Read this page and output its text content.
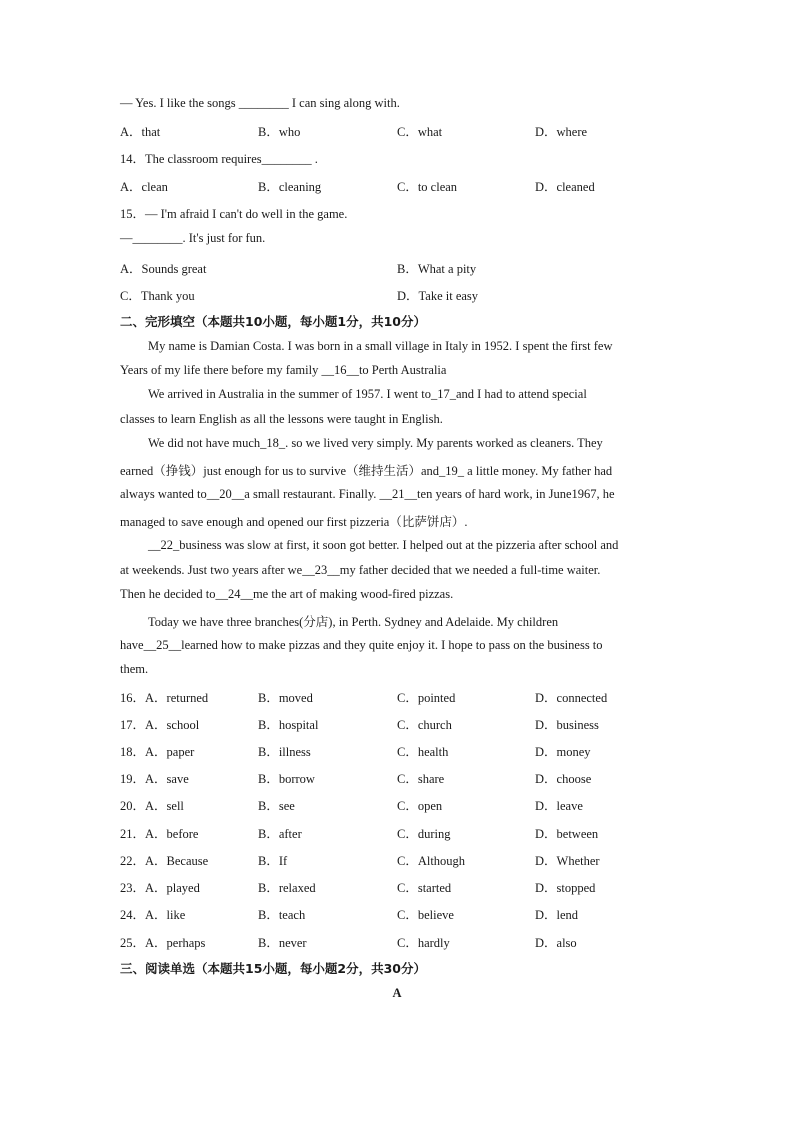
— Yes. I like the songs ________ I can sing along with.
A．that	B．who	C．what	D．where
14．The classroom requires________ .
A．clean	B．cleaning	C．to clean	D．cleaned
15．— I'm afraid I can't do well in the game.
—________. It's just for fun.
A．Sounds great	B．What a pity
C．Thank you	D．Take it easy
二、完形填空（本题共10小题，每小题1分，共10分）
My name is Damian Costa. I was born in a small village in Italy in 1952. I spent the first few
Years of my life there before my family __16__to Perth Australia
We arrived in Australia in the summer of 1957. I went to_17_and I had to attend special
classes to learn English as all the lessons were taught in English.
We did not have much_18_. so we lived very simply. My parents worked as cleaners. They
earned（挣钱）just enough for us to survive（维持生活）and_19_ a little money. My father had
always wanted to__20__a small restaurant. Finally. __21__ten years of hard work, in June1967, he
managed to save enough and opened our first pizzeria（比萨饼店）.
__22_business was slow at first, it soon got better. I helped out at the pizzeria after school and
at weekends. Just two years after we__23__my father decided that we needed a full-time waiter.
Then he decided to__24__me the art of making wood-fired pizzas.
Today we have three branches(分店), in Perth. Sydney and Adelaide. My children
have__25__learned how to make pizzas and they quite enjoy it. I hope to pass on the business to
them.
16．A．returned	B．moved	C．pointed	D．connected
17．A．school	B．hospital	C．church	D．business
18．A．paper	B．illness	C．health	D．money
19．A．save	B．borrow	C．share	D．choose
20．A．sell	B．see	C．open	D．leave
21．A．before	B．after	C．during	D．between
22．A．Because	B．If	C．Although	D．Whether
23．A．played	B．relaxed	C．started	D．stopped
24．A．like	B．teach	C．believe	D．lend
25．A．perhaps	B．never	C．hardly	D．also
三、阅读单选（本题共15小题，每小题2分，共30分）
A
